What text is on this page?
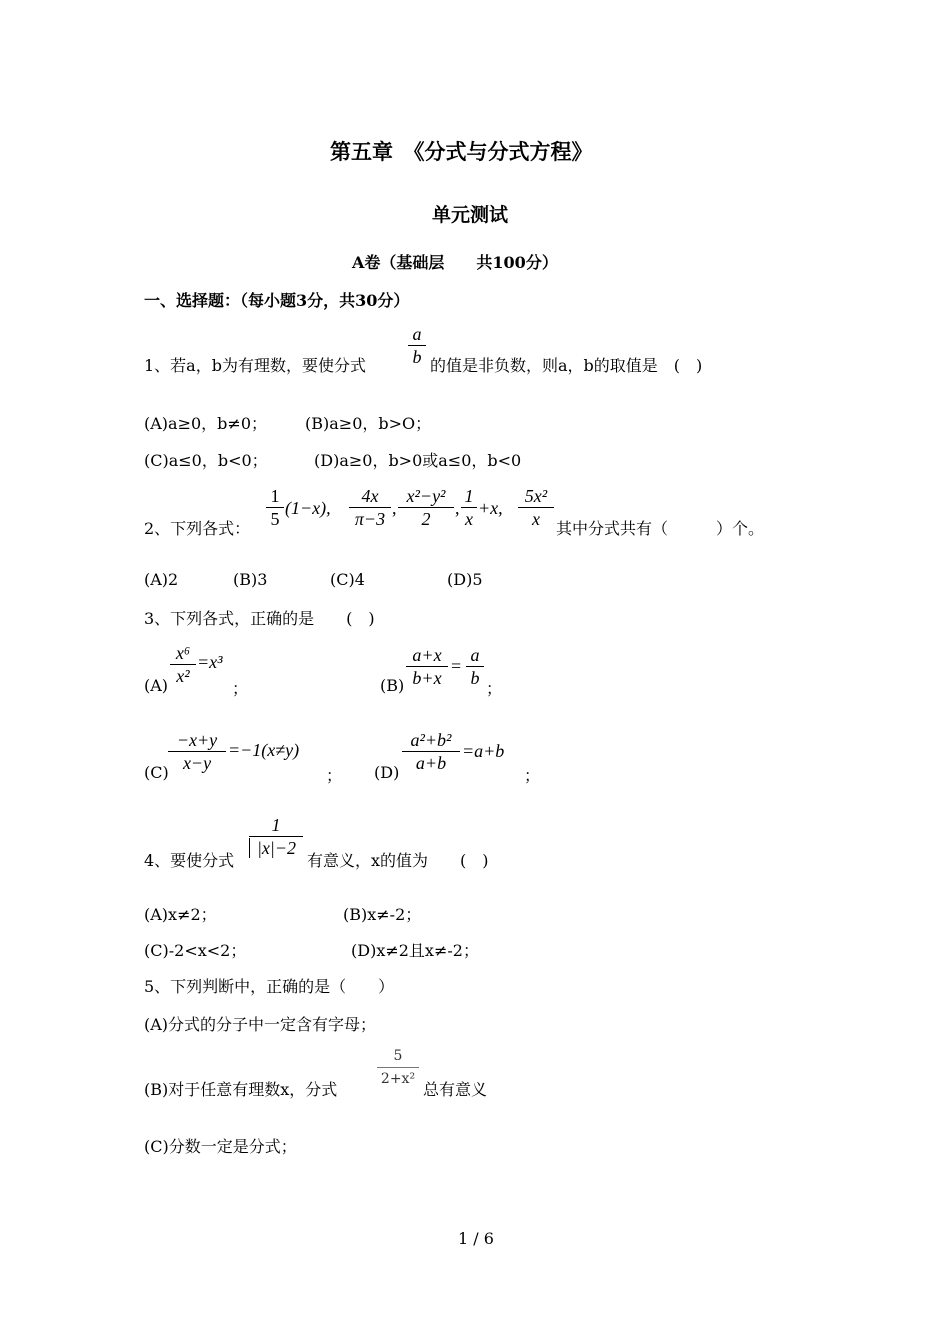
第五章　《分式与分式方程》
单元测试
A卷（基础层　　共100分）
一、选择题：（每小题3分，共30分）
1、若a，b为有理数，要使分式
a
b 的值是非负数，则a，b的取值是　(　)
(A)a≥0，b≠0； (B)a≥0，b>O；
(C)a≤0，b<0；	(D)a≥0，b>0或a≤0，b<0
2、下列各式：
1
5
(1−x),
4x
π−3
,
x²−y²
2
,
1
x
+x,
5x²
x	其中分式共有（　　　）个。
(A)2	(B)3	(C)4	(D)5
3、下列各式，正确的是　　(　)
(A)
x⁶
x²
=x³
；	(B)
a+x
b+x
=
a
b
；
(C)
−x+y
x−y
=−1(x≠y)
； (D)
a²+b²
a+b
=a+b
；
4、要使分式
1
|x|−2
有意义，x的值为　　(　)
(A)x≠2；	(B)x≠-2；
(C)-2<x<2；	(D)x≠2且x≠-2；
5、下列判断中，正确的是（　　）
(A)分式的分子中一定含有字母；
(B)对于任意有理数x，分式
5
2+x²
总有意义
(C)分数一定是分式；
1 / 6
